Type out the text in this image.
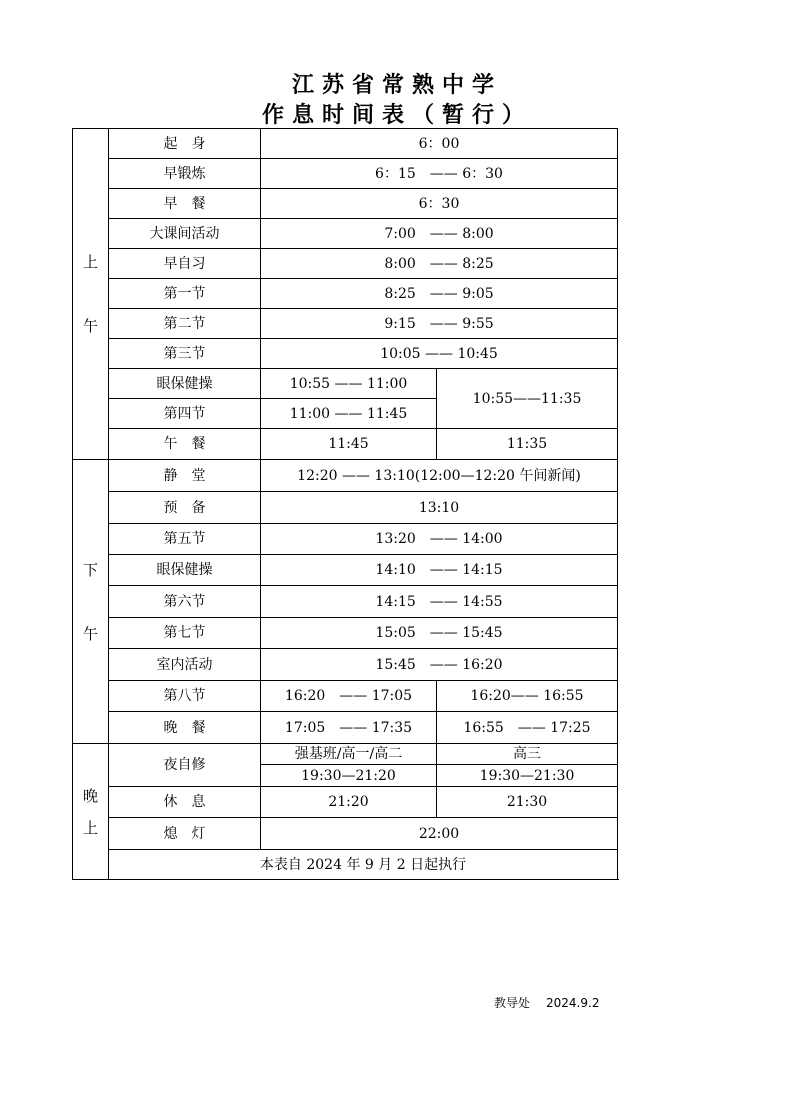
江苏省常熟中学
作息时间表（暂行）
上

午	起　身	6：00	
	早锻炼	6：15 —— 6：30	
	早　餐	6：30	
	大课间活动	7:00 —— 8:00	
	早自习	8:00 —— 8:25	
	第一节	8:25 —— 9:05	
	第二节	9:15 —— 9:55	
	第三节	10:05 —— 10:45	
	眼保健操	10:55 —— 11:00	10:55——11:35
	第四节	11:00 —— 11:45	
	午　餐	11:45	11:35
下

午	静　堂	12:20 —— 13:10(12:00—12:20 午间新闻)	
	预　备	13:10	
	第五节	13:20 —— 14:00	
	眼保健操	14:10 —— 14:15	
	第六节	14:15 —— 14:55	
	第七节	15:05 —— 15:45	
	室内活动	15:45 —— 16:20	
	第八节	16:20　—— 17:05	16:20—— 16:55
	晚　餐	17:05　—— 17:35	16:55　—— 17:25
晚

上	夜自修	强基班/高一/高二	高三
		19:30—21:20	19:30—21:30
	休　息	21:20	21:30
	熄　灯	22:00	
	本表自 2024 年 9 月 2 日起执行		
教导处 2024.9.2
